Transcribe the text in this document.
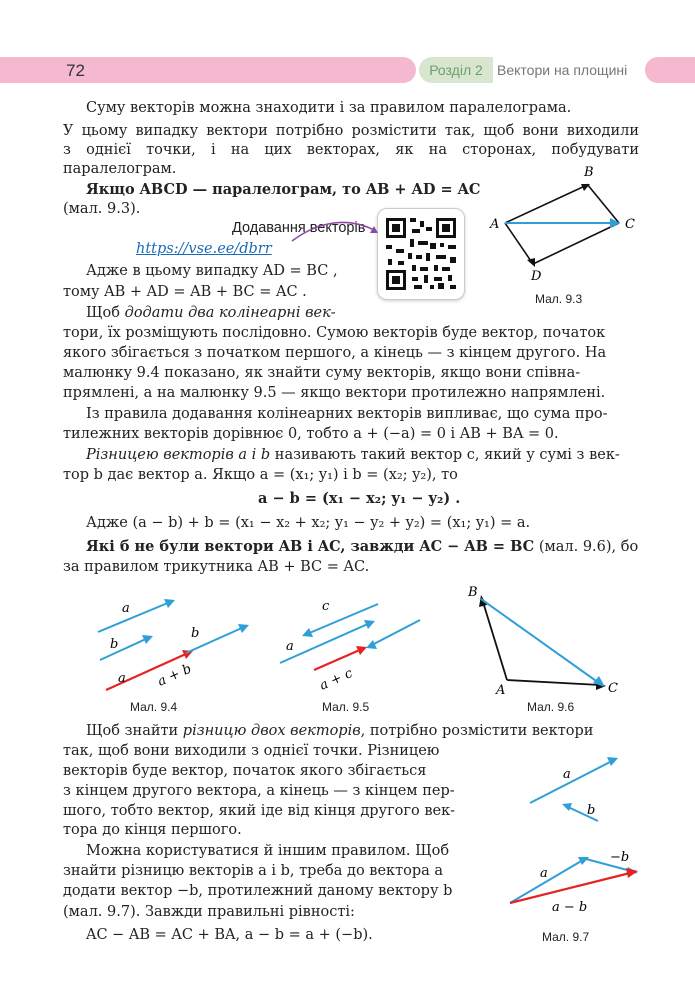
72	Розділ 2	Вектори на площині
Суму векторів можна знаходити і за правилом паралелограма.
У цьому випадку вектори потрібно розмістити так, щоб вони виходили
з однієї точки, і на цих векторах, як на сторонах, побудувати
паралелограм.
Якщо ABCD — паралелограм, то AB + AD = AC
(мал. 9.3).
Додавання векторів
https://vse.ee/dbrr
Адже в цьому випадку AD = BC ,
тому AB + AD = AB + BC = AC .
Щоб додати два колінеарні век-
тори, їх розміщують послідовно. Сумою векторів буде вектор, початок
якого збігається з початком першого, а кінець — з кінцем другого. На
малюнку 9.4 показано, як знайти суму векторів, якщо вони співна-
прямлені, а на малюнку 9.5 — якщо вектори протилежно напрямлені.
Із правила додавання колінеарних векторів випливає, що сума про-
тилежних векторів дорівнює 0, тобто a + (−a) = 0 і AB + BA = 0.
Різницею векторів a і b називають такий вектор c, який у сумі з век-
тор b дає вектор a. Якщо a = (x₁; y₁) і b = (x₂; y₂), то
a − b = (x₁ − x₂; y₁ − y₂) .
Адже (a − b) + b = (x₁ − x₂ + x₂; y₁ − y₂ + y₂) = (x₁; y₁) = a.
Які б не були вектори AB і AC, завжди AC − AB = BC (мал. 9.6), бо
за правилом трикутника AB + BC = AC.
Щоб знайти різницю двох векторів, потрібно розмістити вектори
так, щоб вони виходили з однієї точки. Різницею
векторів буде вектор, початок якого збігається
з кінцем другого вектора, а кінець — з кінцем пер-
шого, тобто вектор, який іде від кінця другого век-
тора до кінця першого.
Можна користуватися й іншим правилом. Щоб
знайти різницю векторів a і b, треба до вектора a
додати вектор −b, протилежний даному вектору b
(мал. 9.7). Завжди правильні рівності:
AC − AB = AC + BA, a − b = a + (−b).
A
B
C
D
Мал. 9.3
a
b
a
b
a + b
Мал. 9.4
c
a
a + c
Мал. 9.5
B
A	C
Мал. 9.6
a
b
a
−b
a − b
Мал. 9.7
